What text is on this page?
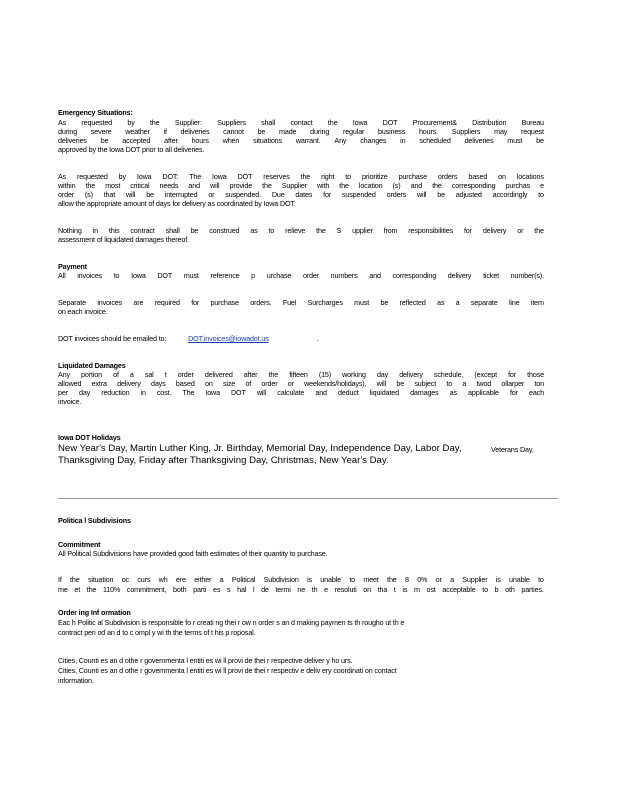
Emergency Situations:
As requested by the Supplier: Suppliers shall contact the Iowa DOT Procurement& Distribution Bureau
during severe weather if deliveries cannot be made during regular business hours. Suppliers may request
deliveries be accepted after hours when situations warrant. Any changes in scheduled deliveries must be
approved by the Iowa DOT prior to all deliveries.
As requested by Iowa DOT: The Iowa DOT reserves the right to prioritize purchase orders based on locations
within the most critical needs and will provide the Supplier with the location (s) and the corresponding purchas e
order (s) that will be interrupted or suspended. Due dates for suspended orders will be adjusted accordingly to
allow the appropriate amount of days for delivery as coordinated by Iowa DOT.
Nothing in this contract shall be construed as to relieve the S upplier from responsibilities for delivery or the
assessment of liquidated damages thereof.
Payment
All invoices to Iowa DOT must reference p urchase order numbers and corresponding delivery ticket number(s).
Separate invoices are required for purchase orders. Fuel Surcharges must be reflected as a separate line item
on each invoice.
DOT invoices should be emailed to:	DOT.invoices@iowadot.us	.
Liquidated Damages
Any portion of a sal t order delivered after the fifteen (15) working day delivery schedule, (except for those
allowed extra delivery days based on size of order or weekends/holidays), will be subject to a twod ollarper ton
per day reduction in cost. The Iowa DOT will calculate and deduct liquidated damages as applicable for each
invoice.
Iowa DOT Holidays
New Year's Day, Martin Luther King, Jr. Birthday, Memorial Day, Independence Day, Labor Day,	Veterans Day,
Thanksgiving Day, Friday after Thanksgiving Day, Christmas, New Year's Day.
Politica l Subdivisions
Commitment
All Political Subdivisions have provided good faith estimates of their quantity to purchase.
If the situation oc curs wh ere either a Political Subdivision is unable to meet the 8 0% or a Supplier is unable to
me et the 110% commitment, both parti es s hal l de termi ne th e resoluti on tha t is m ost acceptable to b oth parties.
Order ing Inf ormation
Eac h Politic al Subdivision is responsible fo r creati ng thei r ow n order s an d making paymen ts th rougho ut th e
contract peri od an d to c ompl y wi th the terms of t his p roposal.
Cities, Counti es an d othe r governmenta l entiti es wi ll provi de thei r respective deliver y ho urs.
Cities, Counti es an d othe r governmenta l entiti es wi ll provi de thei r respectiv e deliv ery coordinati on contact
information.
